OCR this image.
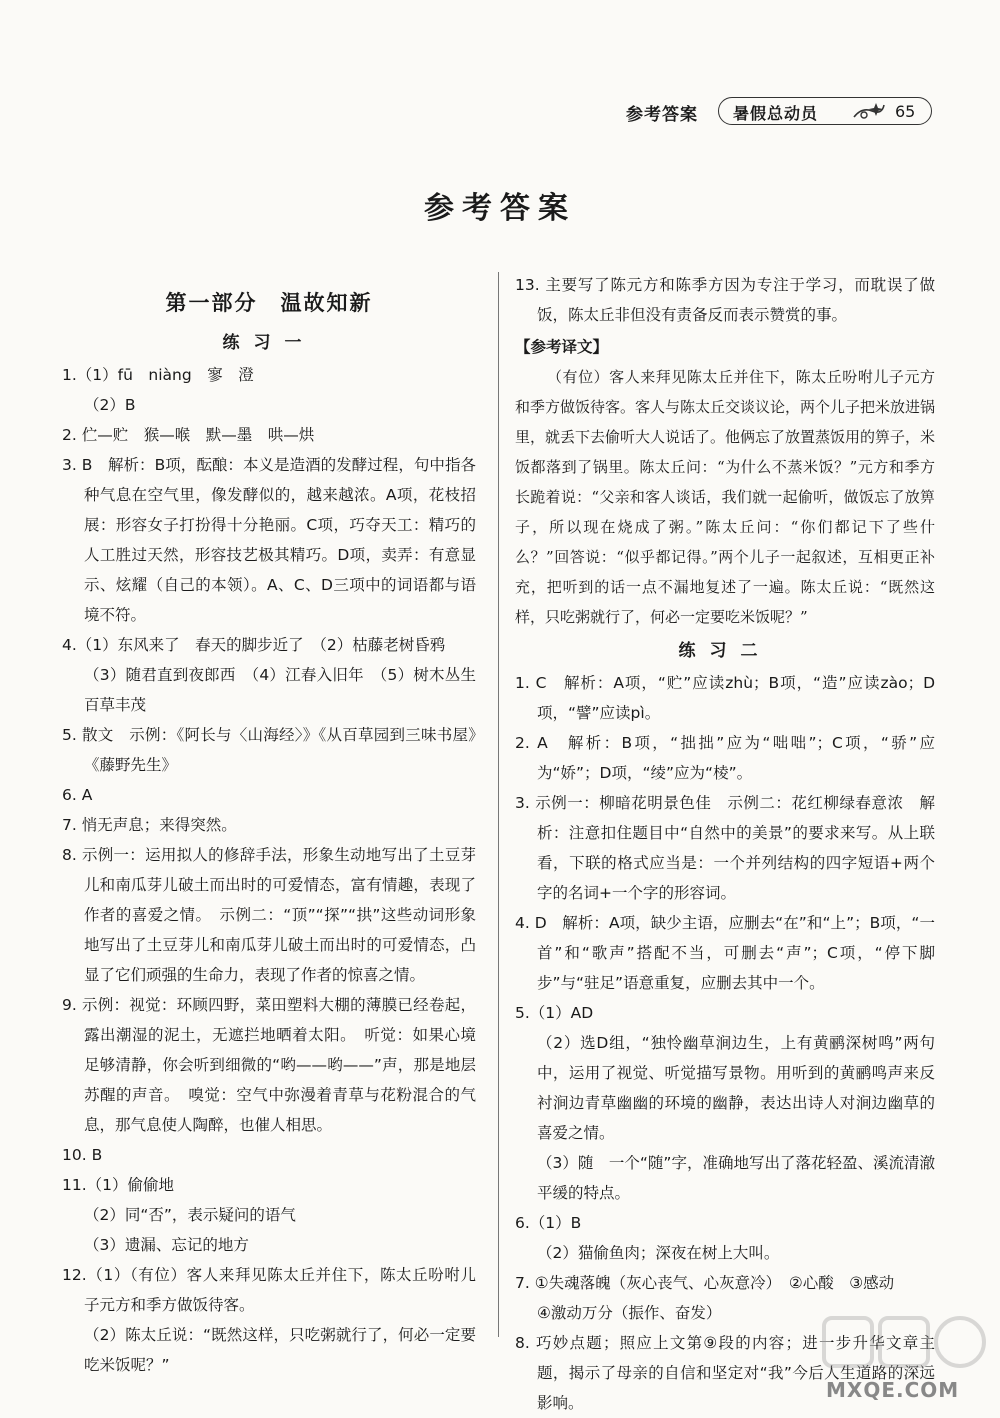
参考答案 暑假总动员	65
参考答案
第一部分　温故知新
练习一
1.（1）fū　niàng　寥　澄
（2）B
2. 伫—贮　猴—喉　默—墨　哄—烘
3. B　解析：B项，酝酿：本义是造酒的发酵过程，句中指各种气息在空气里，像发酵似的，越来越浓。A项，花枝招展：形容女子打扮得十分艳丽。C项，巧夺天工：精巧的人工胜过天然，形容技艺极其精巧。D项，卖弄：有意显示、炫耀（自己的本领）。A、C、D三项中的词语都与语境不符。
4.（1）东风来了　春天的脚步近了　（2）枯藤老树昏鸦
（3）随君直到夜郎西　（4）江春入旧年　（5）树木丛生　百草丰茂
5. 散文　示例：《阿长与〈山海经〉》《从百草园到三味书屋》《藤野先生》
6. A
7. 悄无声息；来得突然。
8. 示例一：运用拟人的修辞手法，形象生动地写出了土豆芽儿和南瓜芽儿破土而出时的可爱情态，富有情趣，表现了作者的喜爱之情。　示例二：“顶”“探”“拱”这些动词形象地写出了土豆芽儿和南瓜芽儿破土而出时的可爱情态，凸显了它们顽强的生命力，表现了作者的惊喜之情。
9. 示例：视觉：环顾四野，菜田塑料大棚的薄膜已经卷起，露出潮湿的泥土，无遮拦地晒着太阳。　听觉：如果心境足够清静，你会听到细微的“哟——哟——”声，那是地层苏醒的声音。　嗅觉：空气中弥漫着青草与花粉混合的气息，那气息使人陶醉，也催人相思。
10. B
11.（1）偷偷地
（2）同“否”，表示疑问的语气
（3）遗漏、忘记的地方
12.（1）（有位）客人来拜见陈太丘并住下，陈太丘吩咐儿子元方和季方做饭待客。
（2）陈太丘说：“既然这样，只吃粥就行了，何必一定要吃米饭呢？”
13. 主要写了陈元方和陈季方因为专注于学习，而耽误了做饭，陈太丘非但没有责备反而表示赞赏的事。
【参考译文】
（有位）客人来拜见陈太丘并住下，陈太丘吩咐儿子元方和季方做饭待客。客人与陈太丘交谈议论，两个儿子把米放进锅里，就丢下去偷听大人说话了。他俩忘了放置蒸饭用的箅子，米饭都落到了锅里。陈太丘问：“为什么不蒸米饭？”元方和季方长跪着说：“父亲和客人谈话，我们就一起偷听，做饭忘了放箅子，所以现在烧成了粥。”陈太丘问：“你们都记下了些什么？”回答说：“似乎都记得。”两个儿子一起叙述，互相更正补充，把听到的话一点不漏地复述了一遍。陈太丘说：“既然这样，只吃粥就行了，何必一定要吃米饭呢？”
练习二
1. C　解析：A项，“贮”应读zhù；B项，“造”应读zào；D项，“譬”应读pì。
2. A　解析：B项，“拙拙”应为“咄咄”；C项，“骄”应为“娇”；D项，“绫”应为“棱”。
3. 示例一：柳暗花明景色佳　示例二：花红柳绿春意浓　解析：注意扣住题目中“自然中的美景”的要求来写。从上联看，下联的格式应当是：一个并列结构的四字短语+两个字的名词+一个字的形容词。
4. D　解析：A项，缺少主语，应删去“在”和“上”；B项，“一首”和“歌声”搭配不当，可删去“声”；C项，“停下脚步”与“驻足”语意重复，应删去其中一个。
5.（1）AD
（2）选D组，“独怜幽草涧边生，上有黄鹂深树鸣”两句中，运用了视觉、听觉描写景物。用听到的黄鹂鸣声来反衬涧边青草幽幽的环境的幽静，表达出诗人对涧边幽草的喜爱之情。
（3）随　一个“随”字，准确地写出了落花轻盈、溪流清澈平缓的特点。
6.（1）B
（2）猫偷鱼肉；深夜在树上大叫。
7. ①失魂落魄（灰心丧气、心灰意冷）　②心酸　③感动
④激动万分（振作、奋发）
8. 巧妙点题；照应上文第⑨段的内容；进一步升华文章主题，揭示了母亲的自信和坚定对“我”今后人生道路的深远影响。
MXQE.COM
